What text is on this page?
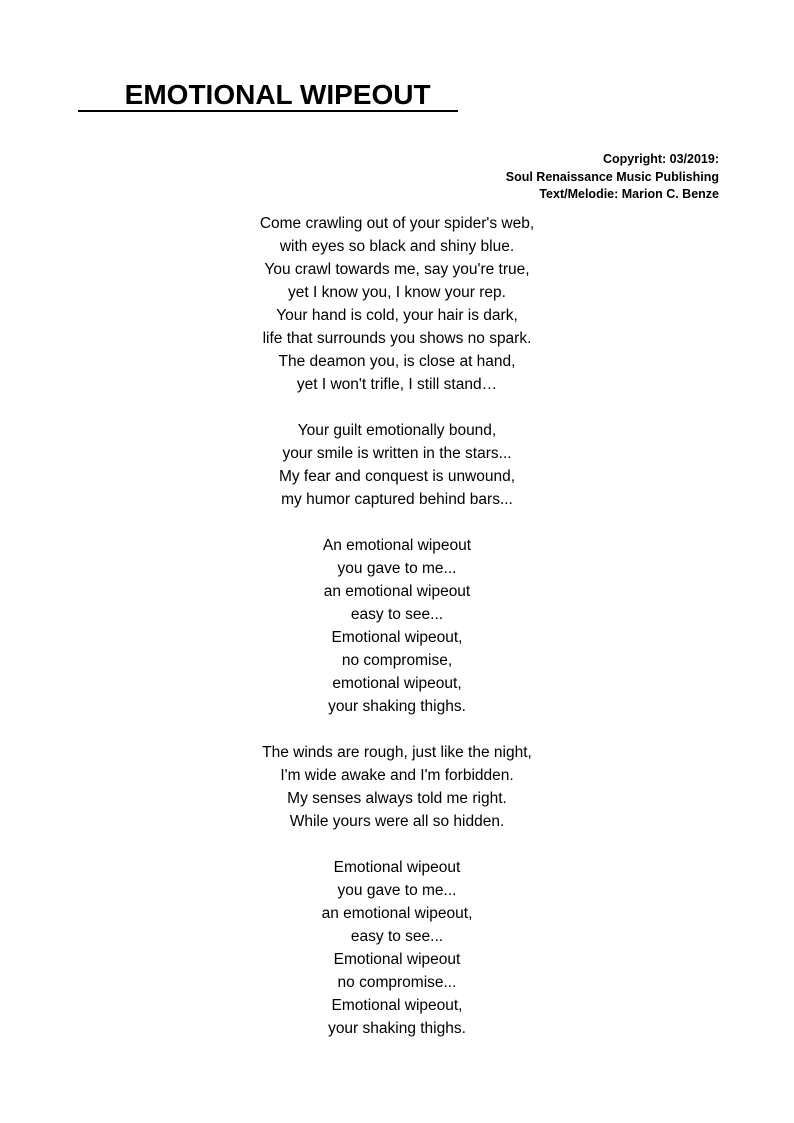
EMOTIONAL WIPEOUT
Copyright: 03/2019:
Soul Renaissance Music Publishing
Text/Melodie: Marion C. Benze
Come crawling out of your spider's web,
with eyes so black and shiny blue.
You crawl towards me, say you're true,
yet I know you, I know your rep.
Your hand is cold, your hair is dark,
life that surrounds you shows no spark.
The deamon you, is close at hand,
yet I won't trifle, I still stand…
Your guilt emotionally bound,
your smile is written in the stars...
My fear and conquest is unwound,
my humor captured behind bars...
An emotional wipeout
you gave to me...
an emotional wipeout
easy to see...
Emotional wipeout,
no compromise,
emotional wipeout,
your shaking thighs.
The winds are rough, just like the night,
I'm wide awake and I'm forbidden.
My senses always told me right.
While yours were all so hidden.
Emotional wipeout
you gave to me...
an emotional wipeout,
easy to see...
Emotional wipeout
no compromise...
Emotional wipeout,
your shaking thighs.
